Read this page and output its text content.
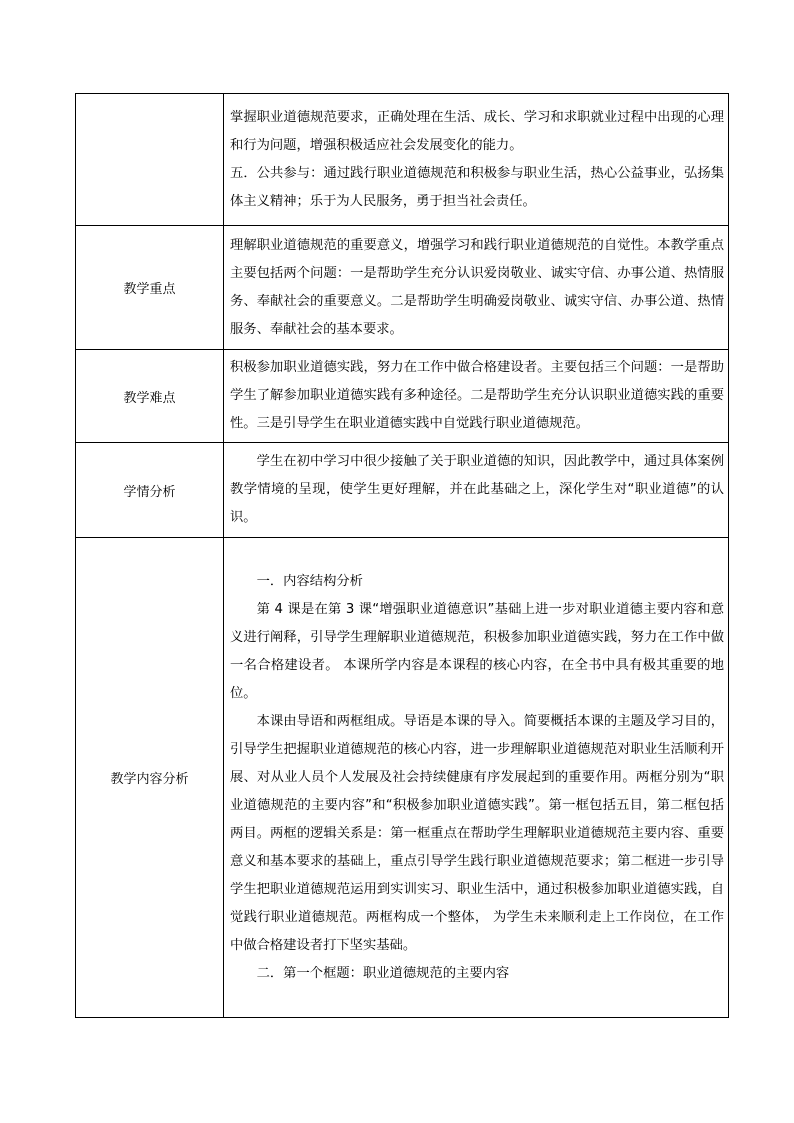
	掌握职业道德规范要求，正确处理在生活、成长、学习和求职就业过程中出现的心理和行为问题，增强积极适应社会发展变化的能力。

五．公共参与：通过践行职业道德规范和积极参与职业生活，热心公益事业，弘扬集体主义精神；乐于为人民服务，勇于担当社会责任。

教学重点	理解职业道德规范的重要意义，增强学习和践行职业道德规范的自觉性。本教学重点主要包括两个问题：一是帮助学生充分认识爱岗敬业、诚实守信、办事公道、热情服务、奉献社会的重要意义。二是帮助学生明确爱岗敬业、诚实守信、办事公道、热情服务、奉献社会的基本要求。

教学难点	积极参加职业道德实践，努力在工作中做合格建设者。主要包括三个问题：一是帮助学生了解参加职业道德实践有多种途径。二是帮助学生充分认识职业道德实践的重要性。三是引导学生在职业道德实践中自觉践行职业道德规范。

学情分析	学生在初中学习中很少接触了关于职业道德的知识，因此教学中，通过具体案例教学情境的呈现，使学生更好理解，并在此基础之上，深化学生对“职业道德”的认识。

教学内容分析	一．内容结构分析

第 4 课是在第 3 课“增强职业道德意识”基础上进一步对职业道德主要内容和意义进行阐释，引导学生理解职业道德规范，积极参加职业道德实践，努力在工作中做一名合格建设者。 本课所学内容是本课程的核心内容，在全书中具有极其重要的地位。

本课由导语和两框组成。导语是本课的导入。简要概括本课的主题及学习目的，引导学生把握职业道德规范的核心内容，进一步理解职业道德规范对职业生活顺利开展、对从业人员个人发展及社会持续健康有序发展起到的重要作用。两框分别为“职业道德规范的主要内容”和“积极参加职业道德实践”。第一框包括五目，第二框包括两目。两框的逻辑关系是：第一框重点在帮助学生理解职业道德规范主要内容、重要意义和基本要求的基础上，重点引导学生践行职业道德规范要求；第二框进一步引导学生把职业道德规范运用到实训实习、职业生活中，通过积极参加职业道德实践，自觉践行职业道德规范。两框构成一个整体， 为学生未来顺利走上工作岗位，在工作中做合格建设者打下坚实基础。

二．第一个框题：职业道德规范的主要内容
